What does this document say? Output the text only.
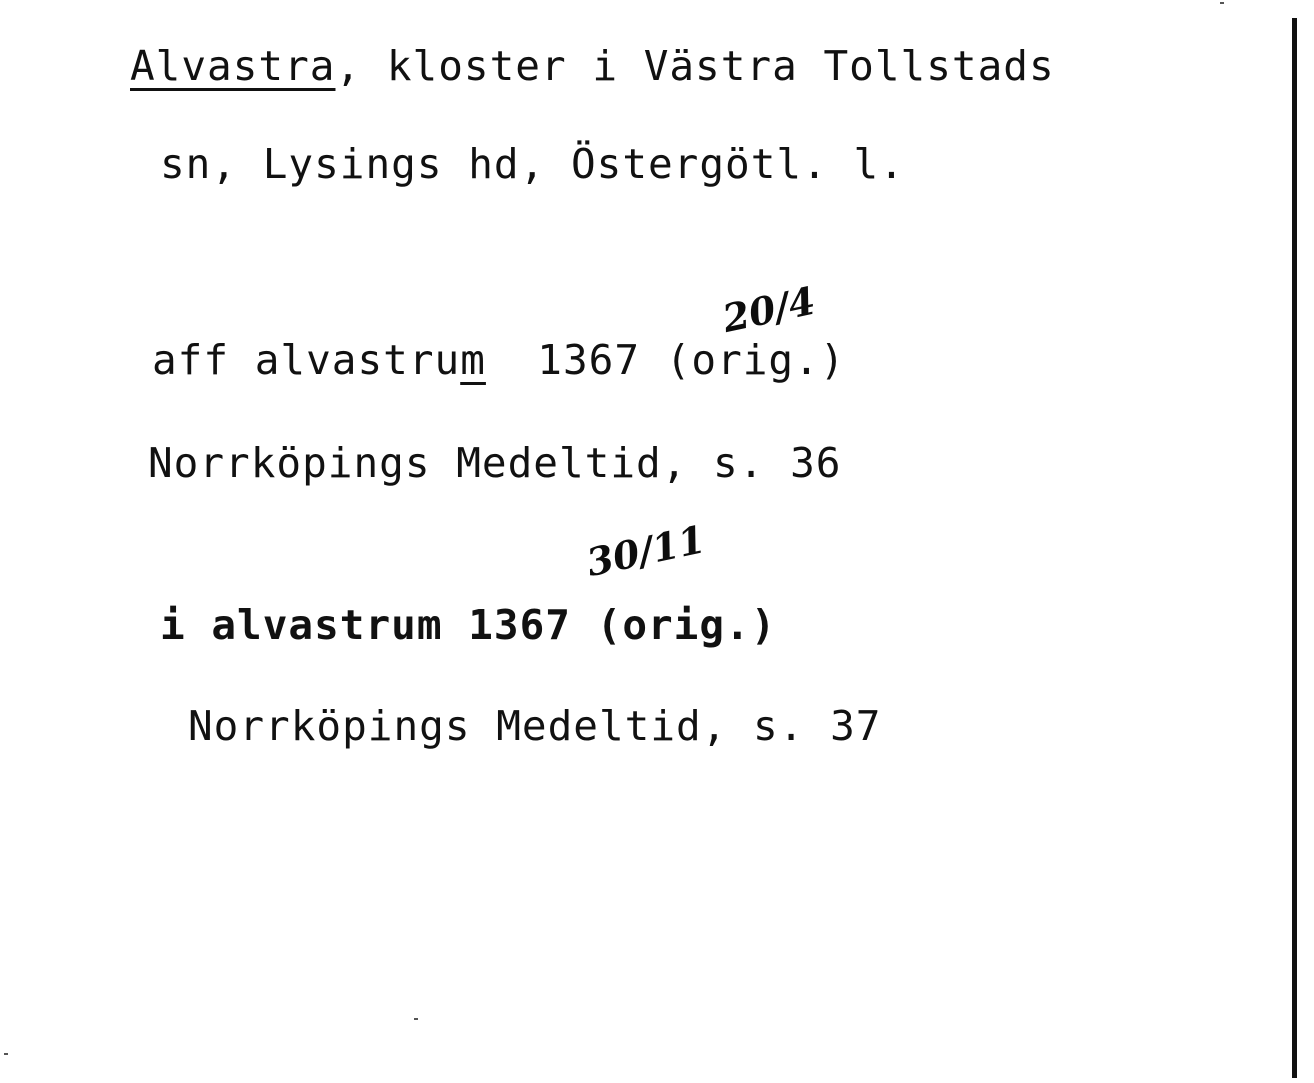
Alvastra, kloster i Västra Tollstads
sn, Lysings hd, Östergötl. l.
20/4
aff alvastrum  1367 (orig.)
Norrköpings Medeltid, s. 36
30/11
i alvastrum 1367 (orig.)
Norrköpings Medeltid, s. 37
